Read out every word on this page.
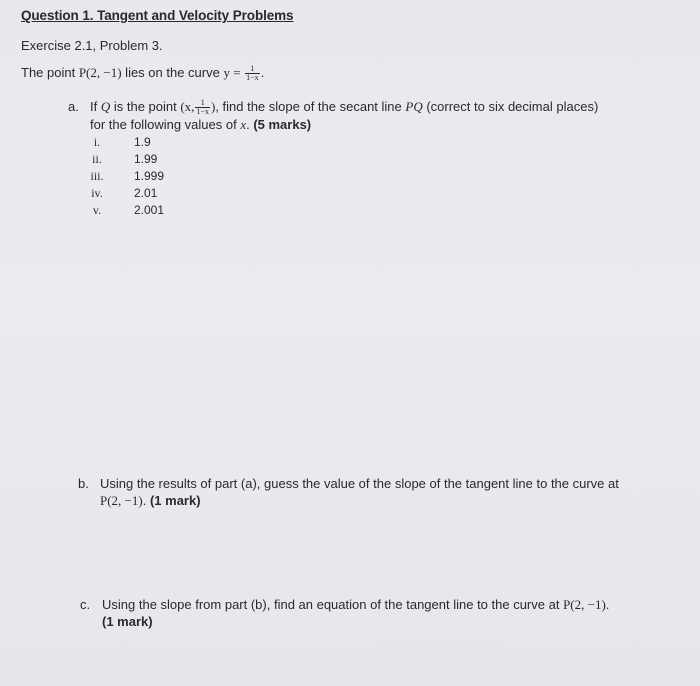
Question 1. Tangent and Velocity Problems
Exercise 2.1, Problem 3.
The point P(2, −1) lies on the curve $y = \frac{1}{1-x}$ .
a. If Q is the point (x, $\frac{1}{1-x}$ ), find the slope of the secant line PQ (correct to six decimal places)
for the following values of x. (5 marks)
i.	1.9
ii.	1.99
iii.	1.999
iv.	2.01
v.	2.001
b. Using the results of part (a), guess the value of the slope of the tangent line to the curve at
P(2, −1). (1 mark)
c. Using the slope from part (b), find an equation of the tangent line to the curve at P(2, −1).
(1 mark)
